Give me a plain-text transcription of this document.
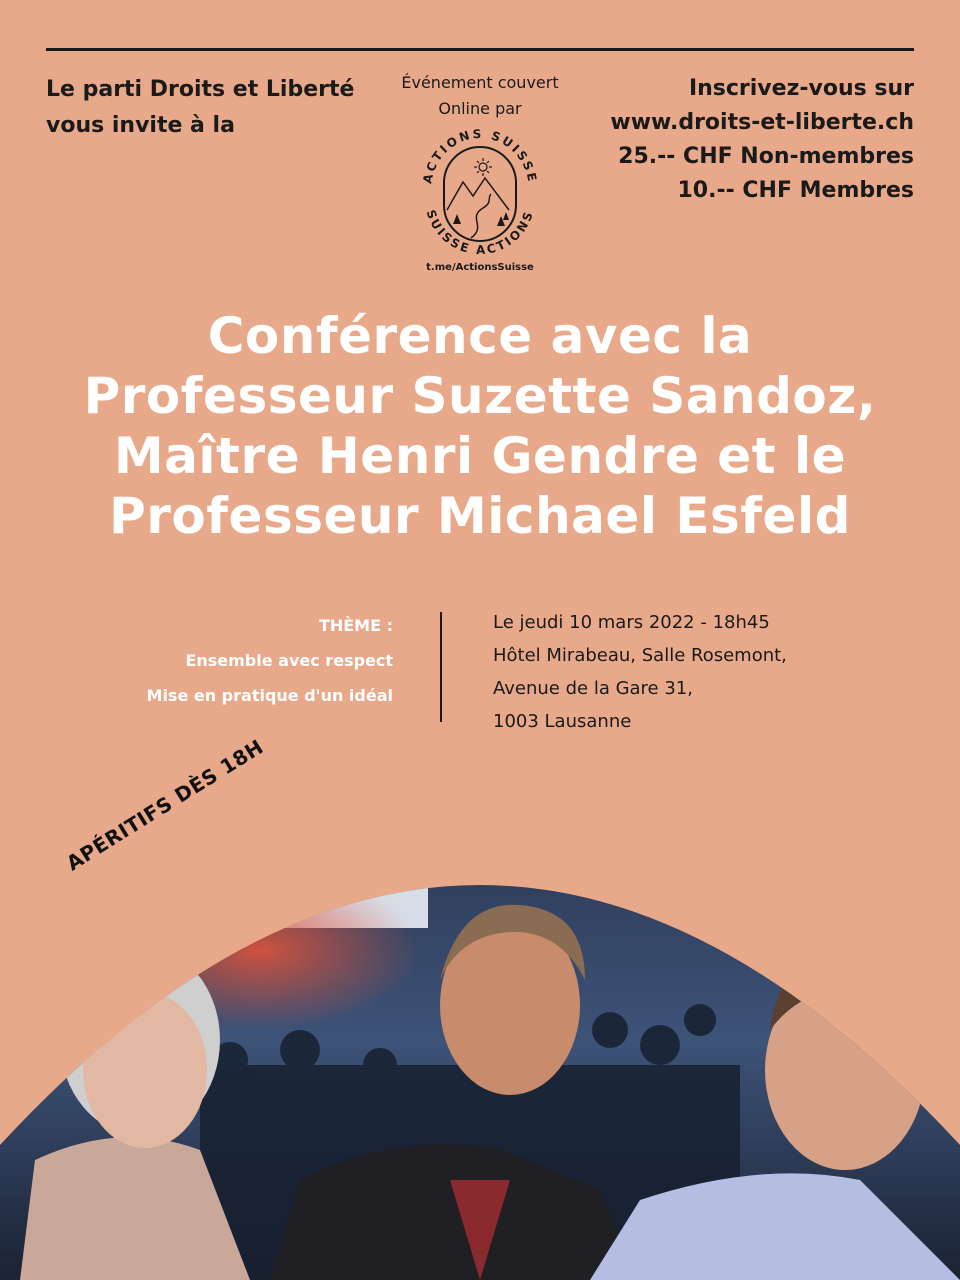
Le parti Droits et Liberté
vous invite à la
Événement couvert
Online par
ACTIONS SUISSE
SUISSE ACTIONS
t.me/ActionsSuisse
Inscrivez-vous sur
www.droits-et-liberte.ch
25.-- CHF Non-membres
10.-- CHF Membres
Conférence avec la
Professeur Suzette Sandoz,
Maître Henri Gendre et le
Professeur Michael Esfeld
THÈME :
Ensemble avec respect
Mise en pratique d'un idéal
Le jeudi 10 mars 2022 - 18h45
Hôtel Mirabeau, Salle Rosemont,
Avenue de la Gare 31,
1003 Lausanne
APÉRITIFS DÈS 18H
